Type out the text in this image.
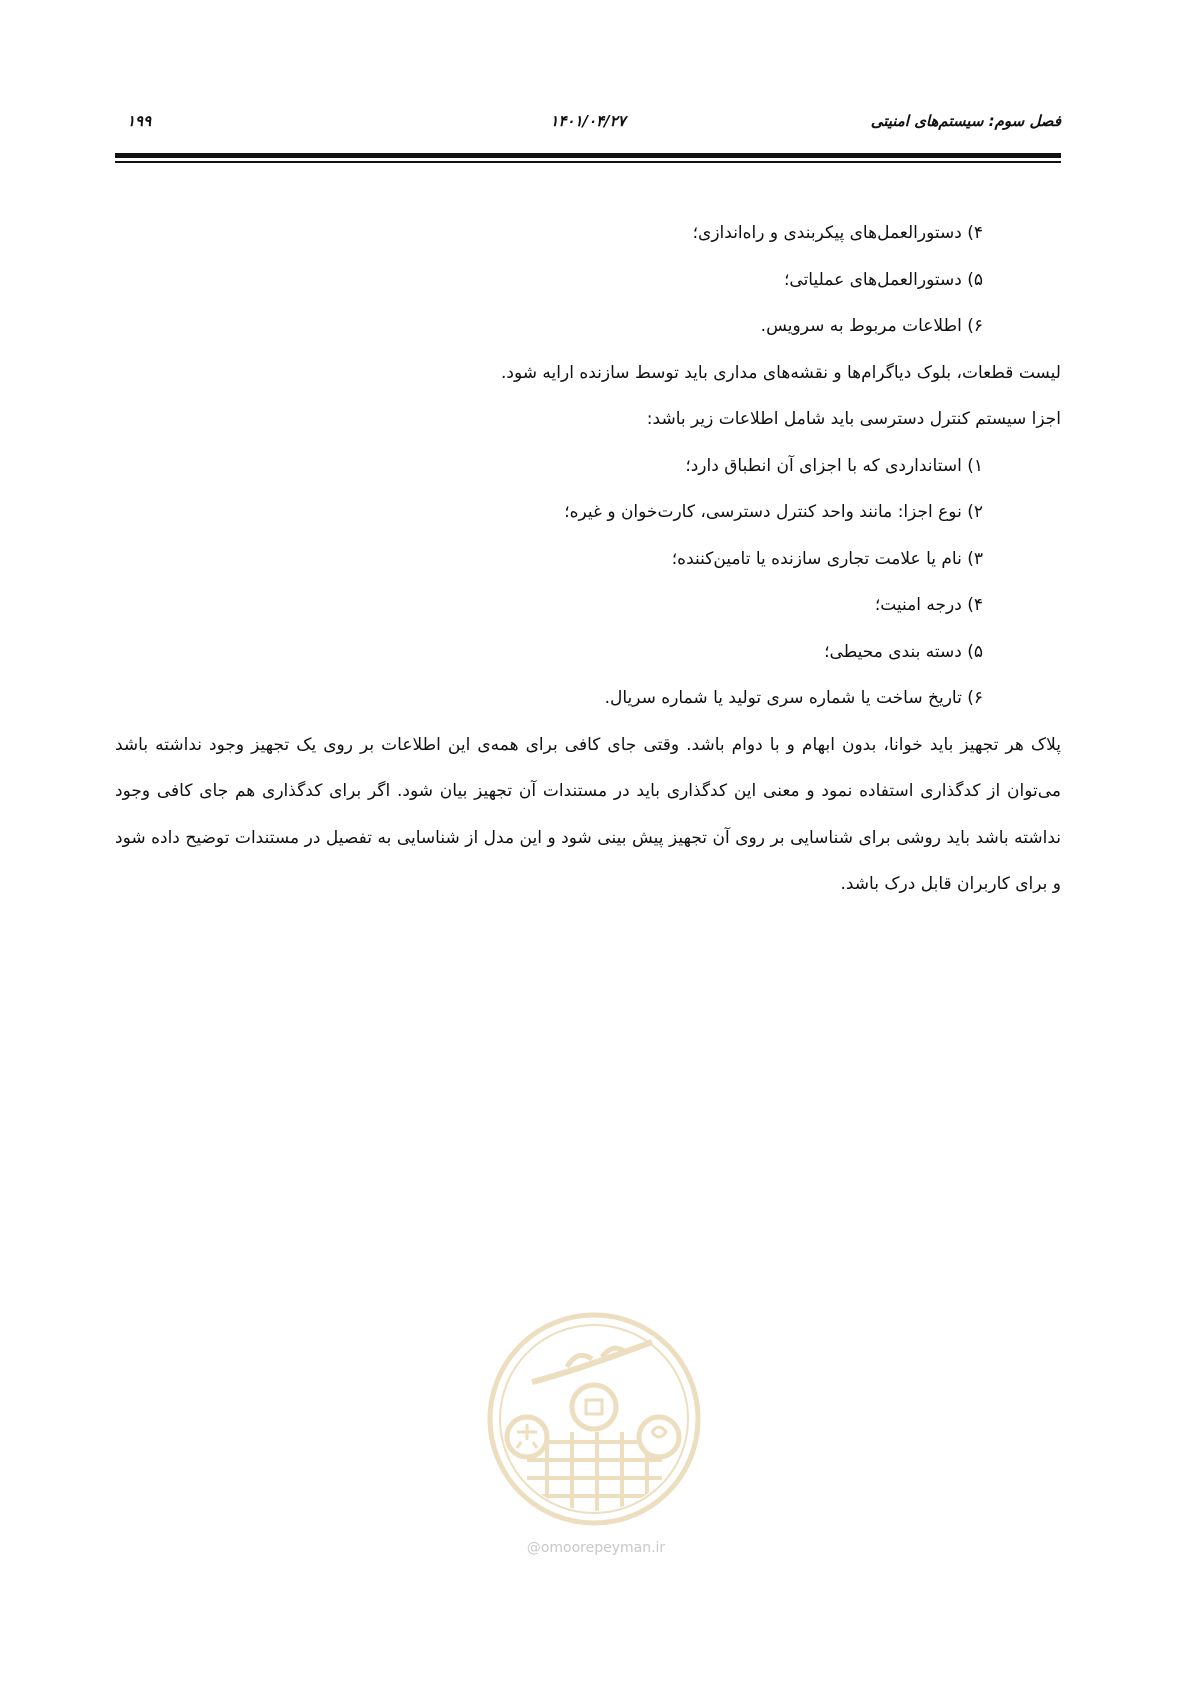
فصل سوم: سیستم‌های امنیتی
۱۴۰۱/۰۴/۲۷
۱۹۹
۴) دستورالعمل‌های پیکربندی و راه‌اندازی؛
۵) دستورالعمل‌های عملیاتی؛
۶) اطلاعات مربوط به سرویس.
لیست قطعات، بلوک دیاگرام‌ها و نقشه‌های مداری باید توسط سازنده ارایه شود.
اجزا سیستم کنترل دسترسی باید شامل اطلاعات زیر باشد:
۱) استانداردی که با اجزای آن انطباق دارد؛
۲) نوع اجزا: مانند واحد کنترل دسترسی، کارت‌خوان و غیره؛
۳) نام یا علامت تجاری سازنده یا تامین‌کننده؛
۴) درجه امنیت؛
۵) دسته بندی محیطی؛
۶) تاریخ ساخت یا شماره سری تولید یا شماره سریال.

پلاک هر تجهیز باید خوانا، بدون ابهام و با دوام باشد. وقتی جای کافی برای همه‌ی این اطلاعات بر روی یک تجهیز وجود نداشته باشد می‌توان از کدگذاری استفاده نمود و معنی این کدگذاری باید در مستندات آن تجهیز بیان شود. اگر برای کدگذاری هم جای کافی وجود نداشته باشد باید روشی برای شناسایی بر روی آن تجهیز پیش بینی شود و این مدل از شناسایی به تفصیل در مستندات توضیح داده شود و برای کاربران قابل درک باشد.

@omoorepeyman.ir
